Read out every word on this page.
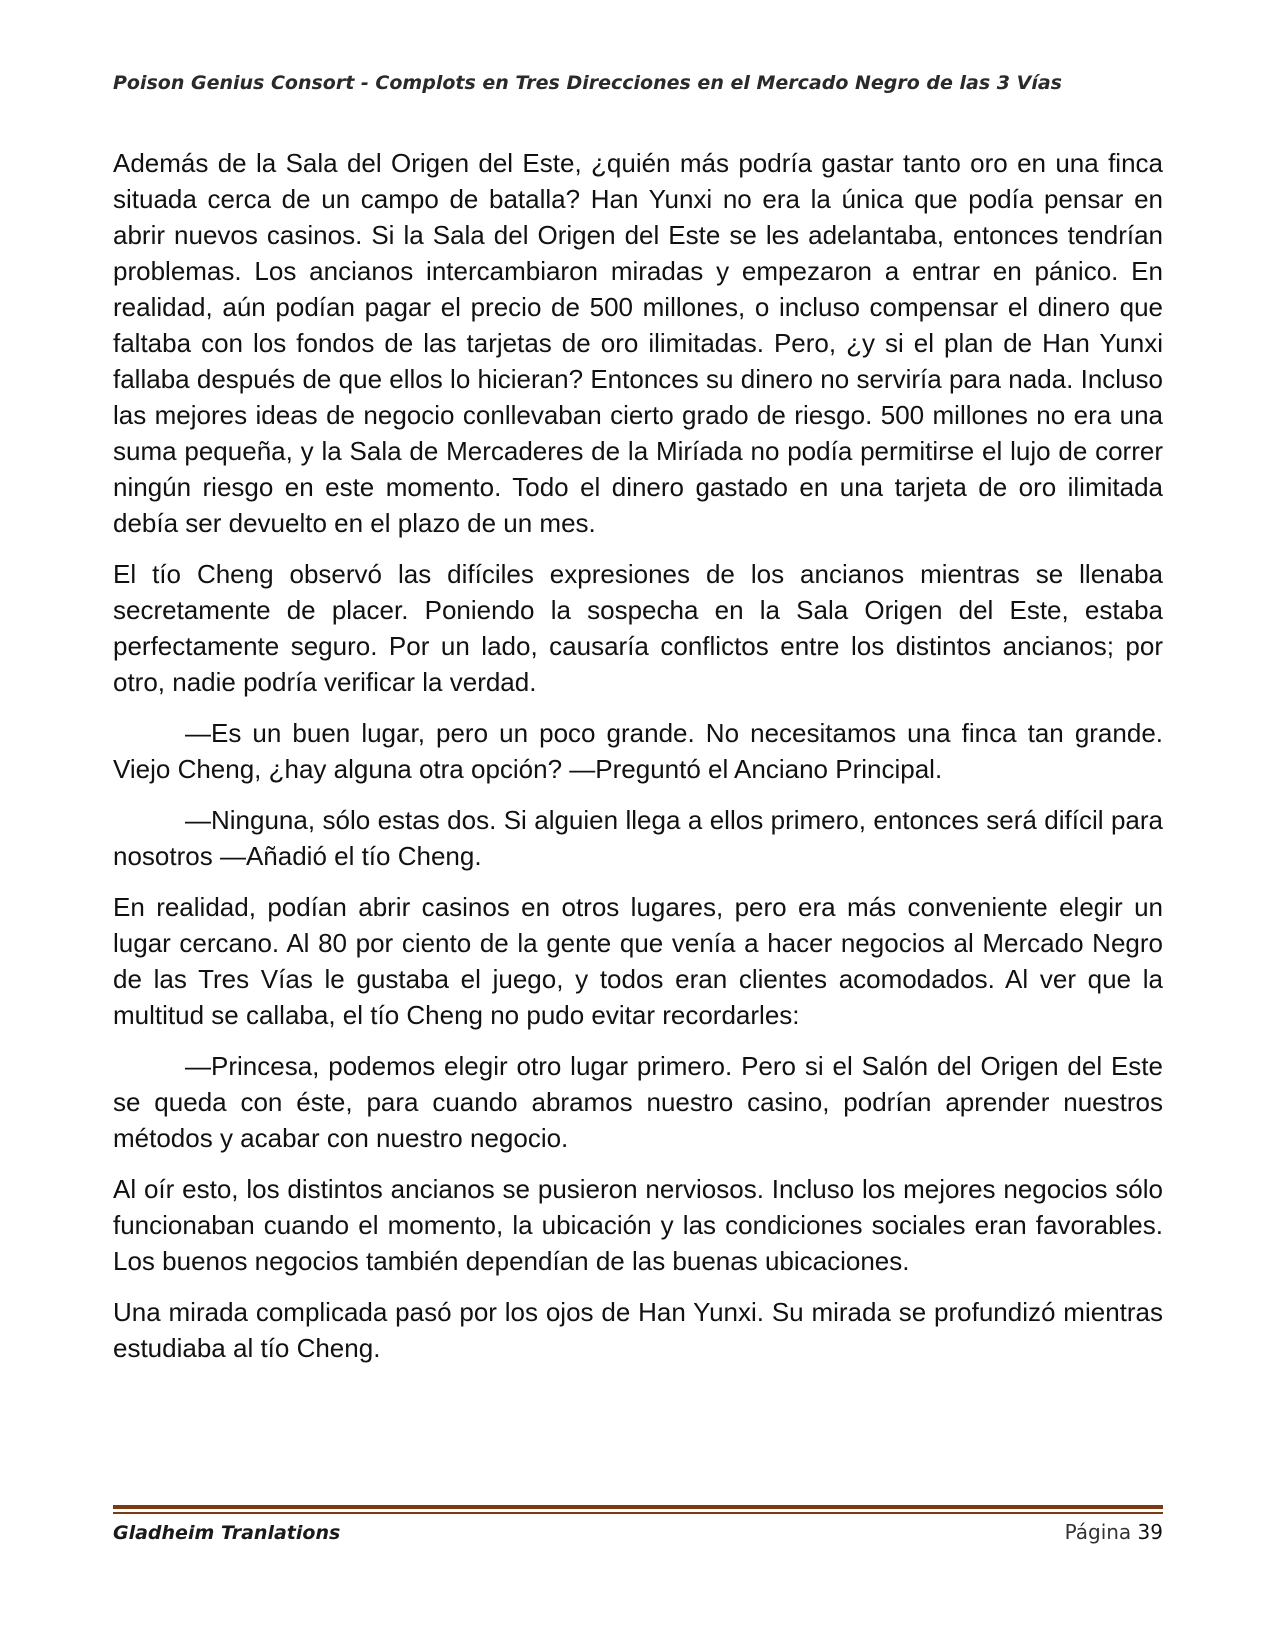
Poison Genius Consort - Complots en Tres Direcciones en el Mercado Negro de las 3 Vías

Además de la Sala del Origen del Este, ¿quién más podría gastar tanto oro en una finca situada cerca de un campo de batalla? Han Yunxi no era la única que podía pensar en abrir nuevos casinos. Si la Sala del Origen del Este se les adelantaba, entonces tendrían problemas. Los ancianos intercambiaron miradas y empezaron a entrar en pánico. En realidad, aún podían pagar el precio de 500 millones, o incluso compensar el dinero que faltaba con los fondos de las tarjetas de oro ilimitadas. Pero, ¿y si el plan de Han Yunxi fallaba después de que ellos lo hicieran? Entonces su dinero no serviría para nada. Incluso las mejores ideas de negocio conllevaban cierto grado de riesgo. 500 millones no era una suma pequeña, y la Sala de Mercaderes de la Miríada no podía permitirse el lujo de correr ningún riesgo en este momento. Todo el dinero gastado en una tarjeta de oro ilimitada debía ser devuelto en el plazo de un mes.

El tío Cheng observó las difíciles expresiones de los ancianos mientras se llenaba secretamente de placer. Poniendo la sospecha en la Sala Origen del Este, estaba perfectamente seguro. Por un lado, causaría conflictos entre los distintos ancianos; por otro, nadie podría verificar la verdad.

—Es un buen lugar, pero un poco grande. No necesitamos una finca tan grande. Viejo Cheng, ¿hay alguna otra opción? —Preguntó el Anciano Principal.

—Ninguna, sólo estas dos. Si alguien llega a ellos primero, entonces será difícil para nosotros —Añadió el tío Cheng.

En realidad, podían abrir casinos en otros lugares, pero era más conveniente elegir un lugar cercano. Al 80 por ciento de la gente que venía a hacer negocios al Mercado Negro de las Tres Vías le gustaba el juego, y todos eran clientes acomodados. Al ver que la multitud se callaba, el tío Cheng no pudo evitar recordarles:

—Princesa, podemos elegir otro lugar primero. Pero si el Salón del Origen del Este se queda con éste, para cuando abramos nuestro casino, podrían aprender nuestros métodos y acabar con nuestro negocio.

Al oír esto, los distintos ancianos se pusieron nerviosos. Incluso los mejores negocios sólo funcionaban cuando el momento, la ubicación y las condiciones sociales eran favorables. Los buenos negocios también dependían de las buenas ubicaciones.

Una mirada complicada pasó por los ojos de Han Yunxi. Su mirada se profundizó mientras estudiaba al tío Cheng.

Gladheim Tranlations	Página 39
